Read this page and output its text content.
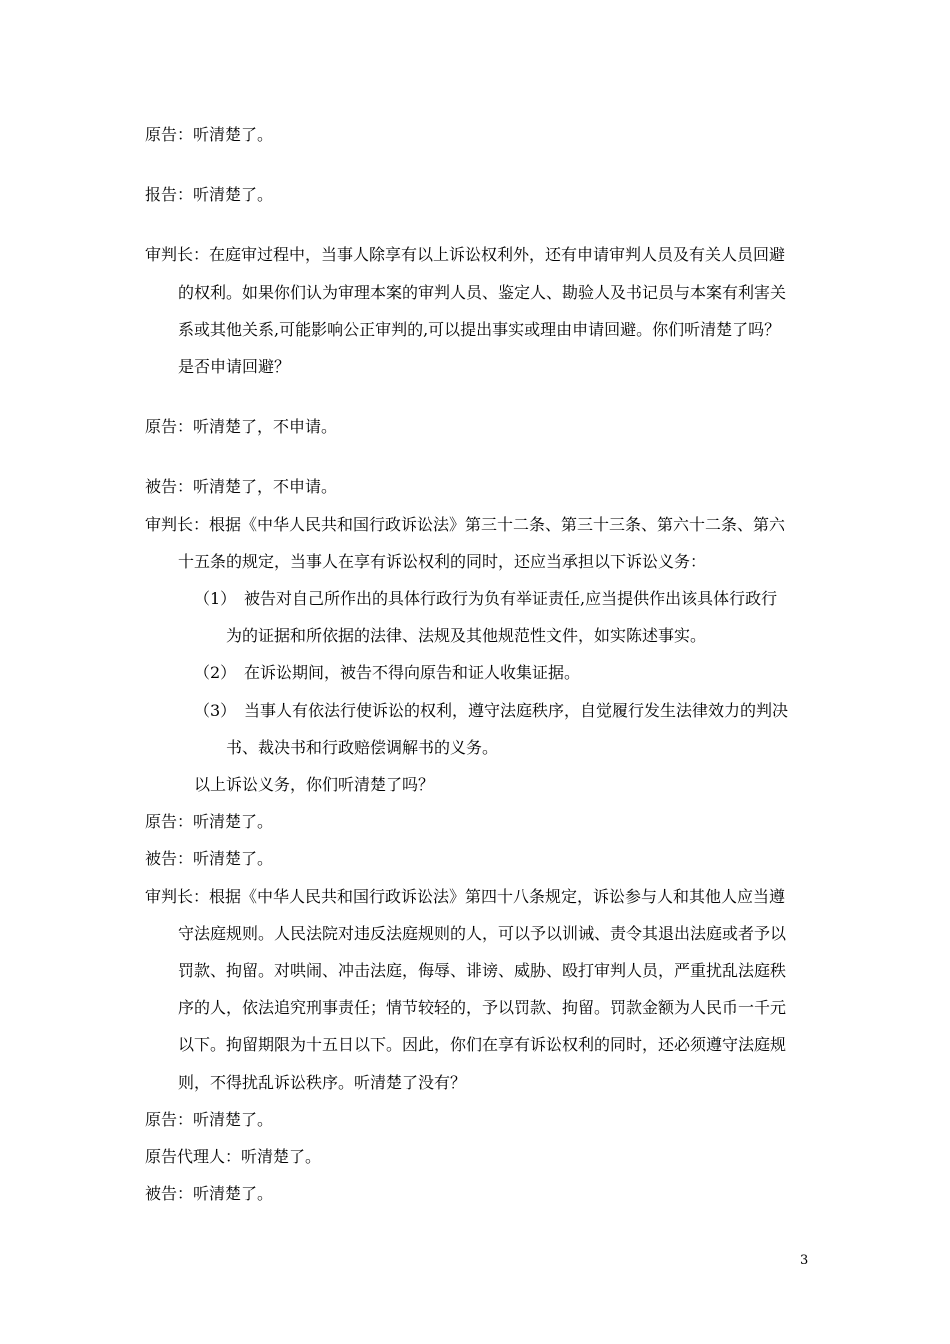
原告：听清楚了。
报告：听清楚了。
审判长：在庭审过程中，当事人除享有以上诉讼权利外，还有申请审判人员及有关人员回避
的权利。如果你们认为审理本案的审判人员、鉴定人、勘验人及书记员与本案有利害关
系或其他关系,可能影响公正审判的,可以提出事实或理由申请回避。你们听清楚了吗？
是否申请回避？
原告：听清楚了，不申请。
被告：听清楚了，不申请。
审判长：根据《中华人民共和国行政诉讼法》第三十二条、第三十三条、第六十二条、第六
十五条的规定，当事人在享有诉讼权利的同时，还应当承担以下诉讼义务：
（1） 被告对自己所作出的具体行政行为负有举证责任,应当提供作出该具体行政行
为的证据和所依据的法律、法规及其他规范性文件，如实陈述事实。
（2） 在诉讼期间，被告不得向原告和证人收集证据。
（3） 当事人有依法行使诉讼的权利，遵守法庭秩序，自觉履行发生法律效力的判决
书、裁决书和行政赔偿调解书的义务。
以上诉讼义务，你们听清楚了吗？
原告：听清楚了。
被告：听清楚了。
审判长：根据《中华人民共和国行政诉讼法》第四十八条规定，诉讼参与人和其他人应当遵
守法庭规则。人民法院对违反法庭规则的人，可以予以训诫、责令其退出法庭或者予以
罚款、拘留。对哄闹、冲击法庭，侮辱、诽谤、威胁、殴打审判人员，严重扰乱法庭秩
序的人，依法追究刑事责任；情节较轻的，予以罚款、拘留。罚款金额为人民币一千元
以下。拘留期限为十五日以下。因此，你们在享有诉讼权利的同时，还必须遵守法庭规
则，不得扰乱诉讼秩序。听清楚了没有？
原告：听清楚了。
原告代理人：听清楚了。
被告：听清楚了。
3
